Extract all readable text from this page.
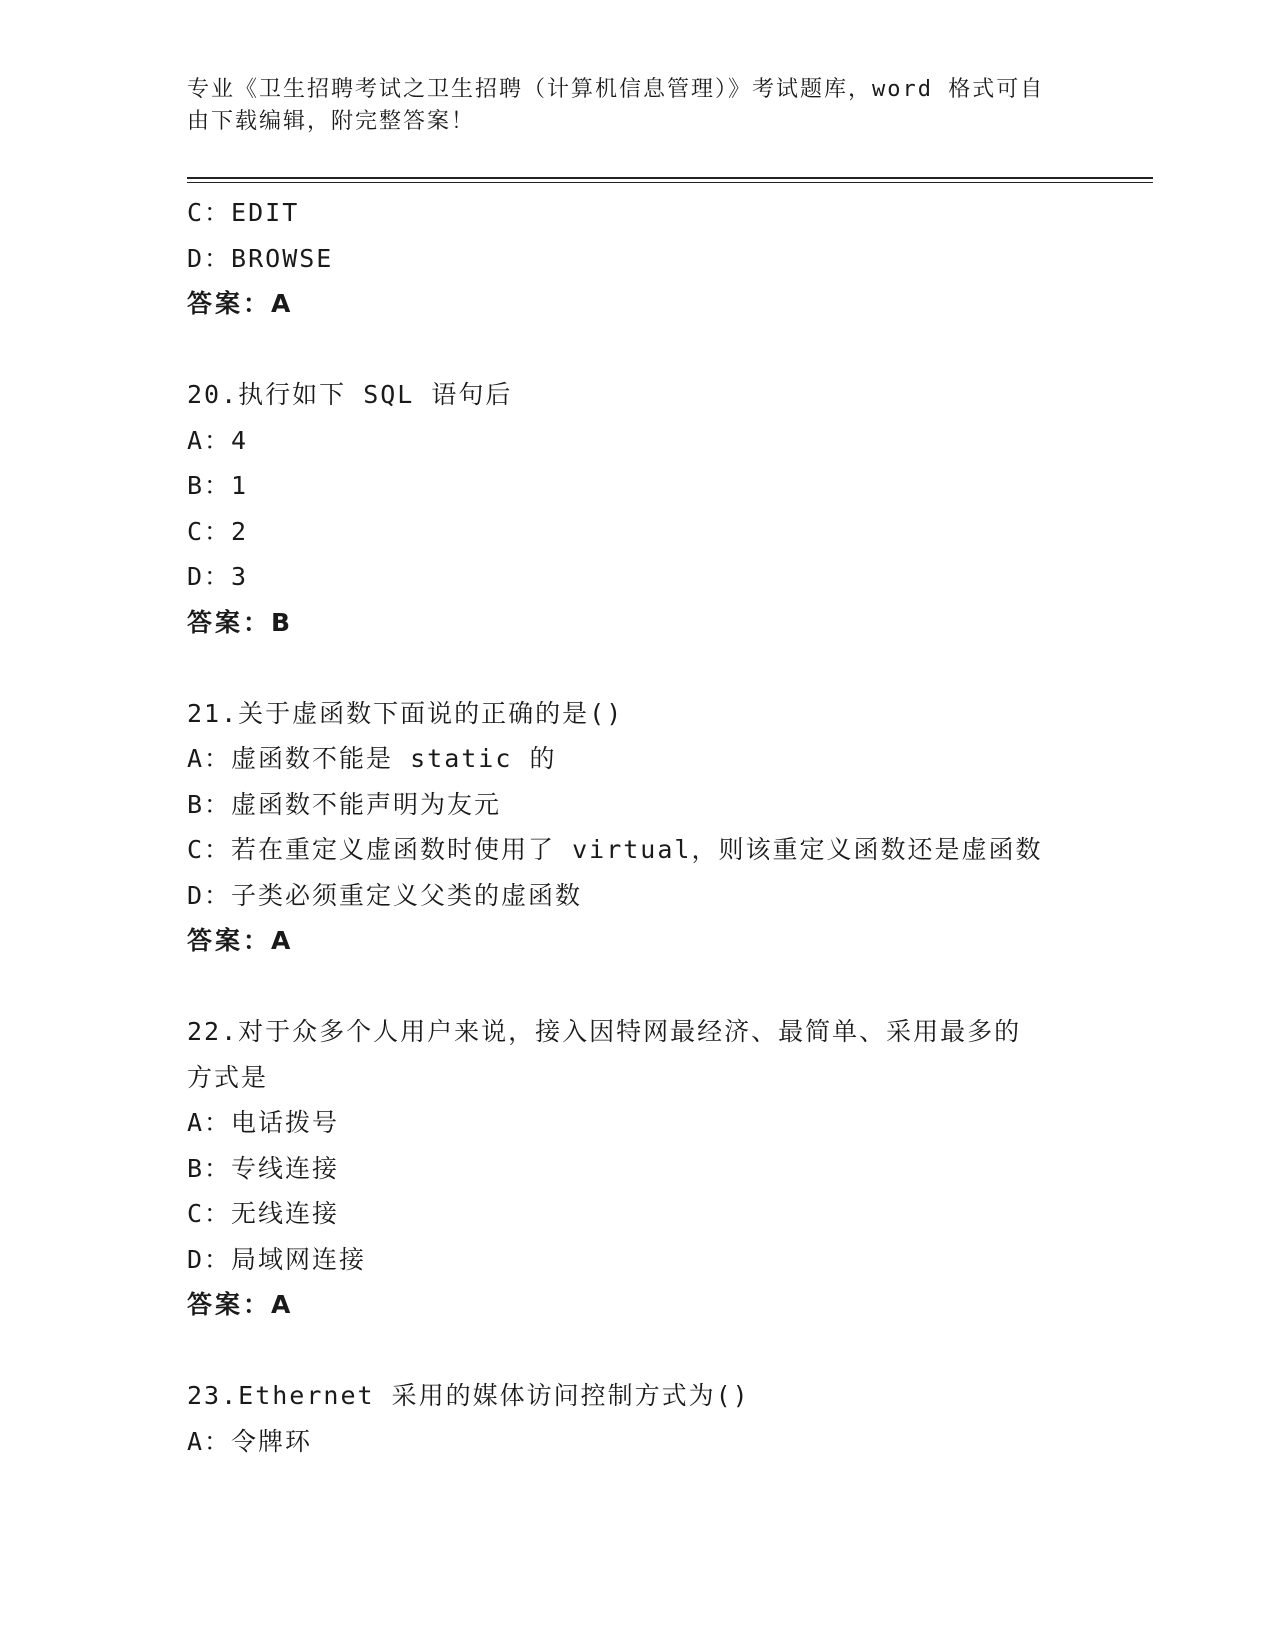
专业《卫生招聘考试之卫生招聘（计算机信息管理）》考试题库，word 格式可自由下载编辑，附完整答案！
C：EDIT
D：BROWSE
答案：A
20.执行如下 SQL 语句后
A：4
B：1
C：2
D：3
答案：B
21.关于虚函数下面说的正确的是()
A：虚函数不能是 static 的
B：虚函数不能声明为友元
C：若在重定义虚函数时使用了 virtual，则该重定义函数还是虚函数
D：子类必须重定义父类的虚函数
答案：A
22.对于众多个人用户来说，接入因特网最经济、最简单、采用最多的方式是
A：电话拨号
B：专线连接
C：无线连接
D：局域网连接
答案：A
23.Ethernet 采用的媒体访问控制方式为()
A：令牌环
